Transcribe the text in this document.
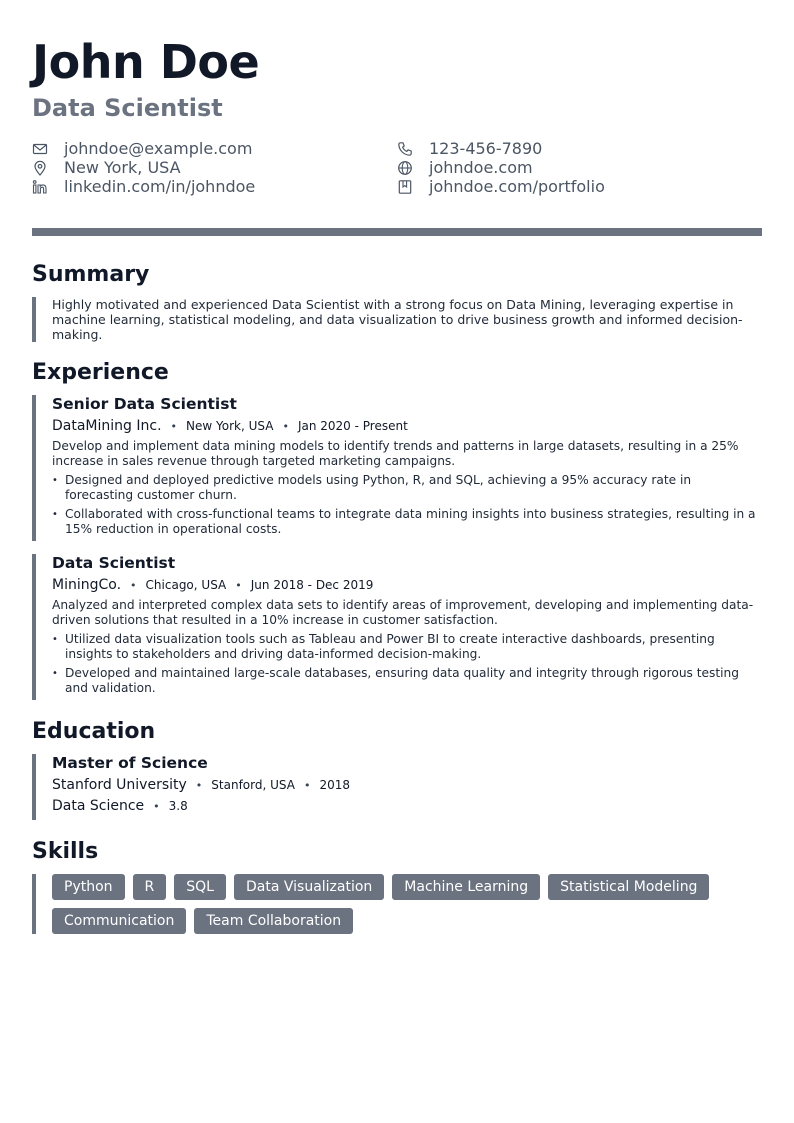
John Doe
Data Scientist
johndoe@example.com
New York, USA
linkedin.com/in/johndoe
123-456-7890
johndoe.com
johndoe.com/portfolio
Summary

Highly motivated and experienced Data Scientist with a strong focus on Data Mining, leveraging expertise in machine learning, statistical modeling, and data visualization to drive business growth and informed decision-making.

Experience
Senior Data Scientist
DataMining Inc. • New York, USA • Jan 2020 - Present

Develop and implement data mining models to identify trends and patterns in large datasets, resulting in a 25% increase in sales revenue through targeted marketing campaigns.

• Designed and deployed predictive models using Python, R, and SQL, achieving a 95% accuracy rate in forecasting customer churn.
• Collaborated with cross-functional teams to integrate data mining insights into business strategies, resulting in a 15% reduction in operational costs.
Data Scientist
MiningCo. • Chicago, USA • Jun 2018 - Dec 2019

Analyzed and interpreted complex data sets to identify areas of improvement, developing and implementing data-driven solutions that resulted in a 10% increase in customer satisfaction.

• Utilized data visualization tools such as Tableau and Power BI to create interactive dashboards, presenting insights to stakeholders and driving data-informed decision-making.
• Developed and maintained large-scale databases, ensuring data quality and integrity through rigorous testing and validation.
Education
Master of Science
Stanford University • Stanford, USA • 2018
Data Science • 3.8
Skills
Python	R	SQL	Data Visualization	Machine Learning	Statistical Modeling
Communication	Team Collaboration
